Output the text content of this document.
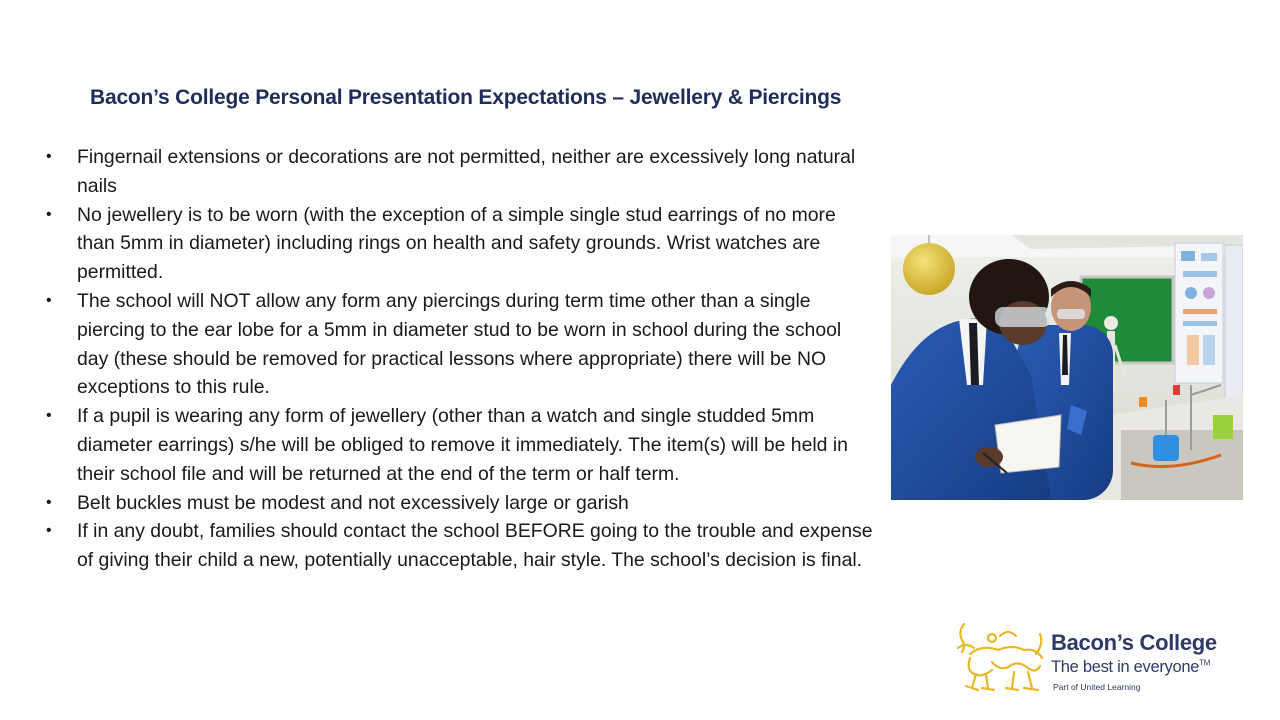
Bacon’s College Personal Presentation Expectations – Jewellery & Piercings
•	Fingernail extensions or decorations are not permitted, neither are excessively long natural nails
•	No jewellery is to be worn (with the exception of a simple single stud earrings of no more than 5mm in diameter) including rings on health and safety grounds. Wrist watches are permitted.
•	The school will NOT allow any form any piercings during term time other than a single piercing to the ear lobe for a 5mm in diameter stud to be worn in school during the school day (these should be removed for practical lessons where appropriate) there will be NO exceptions to this rule.
•	If a pupil is wearing any form of jewellery (other than a watch and single studded 5mm diameter earrings) s/he will be obliged to remove it immediately. The item(s) will be held in their school file and will be returned at the end of the term or half term.
•	Belt buckles must be modest and not excessively large or garish
•	If in any doubt, families should contact the school BEFORE going to the trouble and expense of giving their child a new, potentially unacceptable, hair style. The school’s decision is final.
Bacon’s College
The best in everyone™
Part of United Learning
